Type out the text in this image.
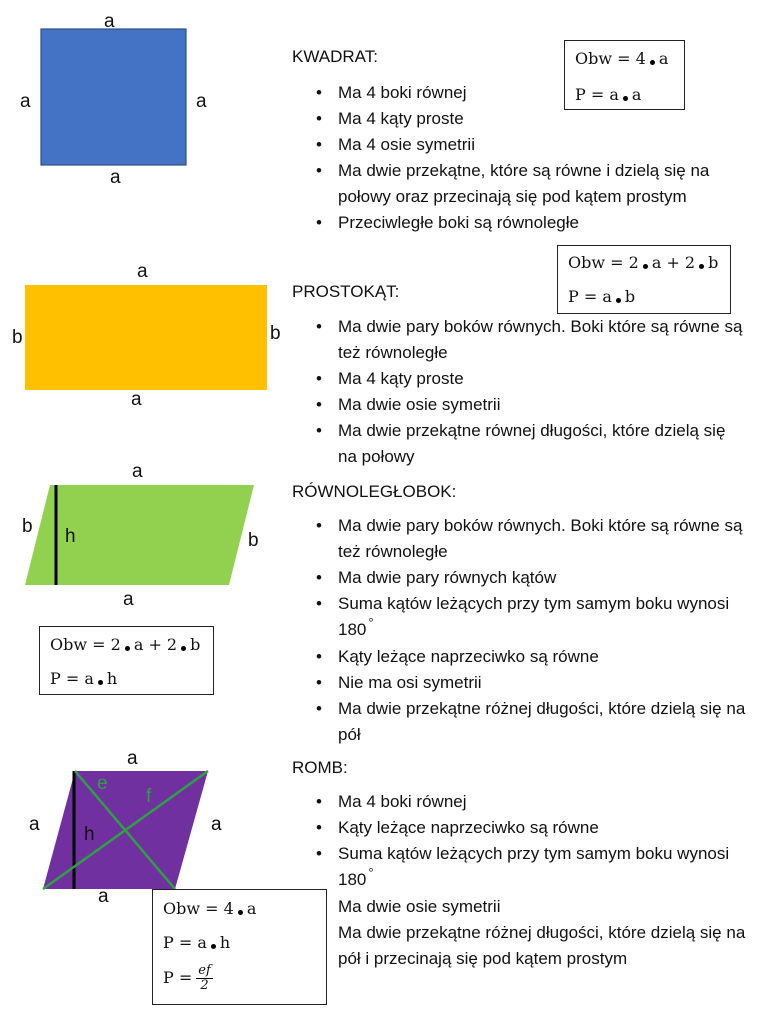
a
a	a
a
KWADRAT:
• Ma 4 boki równej
• Ma 4 kąty proste
• Ma 4 osie symetrii
• Ma dwie przekątne, które są równe i dzielą się na połowy oraz przecinają się pod kątem prostym
• Przeciwległe boki są równoległe
Obw = 4 a
P = a a
a
b	b
a
PROSTOKĄT:
• Ma dwie pary boków równych. Boki które są równe są też równoległe
• Ma 4 kąty proste
• Ma dwie osie symetrii
• Ma dwie przekątne równej długości, które dzielą się na połowy
Obw = 2 a + 2 b
P = a b
a
b
b
a
h
RÓWNOLEGŁOBOK:
• Ma dwie pary boków równych. Boki które są równe są też równoległe
• Ma dwie pary równych kątów
• Suma kątów leżących przy tym samym boku wynosi 180 °
• Kąty leżące naprzeciwko są równe
• Nie ma osi symetrii
• Ma dwie przekątne różnej długości, które dzielą się na pół
Obw = 2 a + 2 b
P = a h
a
a	a
a
h
e
f
ROMB:
• Ma 4 boki równej
• Kąty leżące naprzeciwko są równe
• Suma kątów leżących przy tym samym boku wynosi 180 °
Ma dwie osie symetrii
Ma dwie przekątne różnej długości, które dzielą się na pół i przecinają się pod kątem prostym
Obw = 4 a
P = a h
$P = \frac{ef}{2}$
